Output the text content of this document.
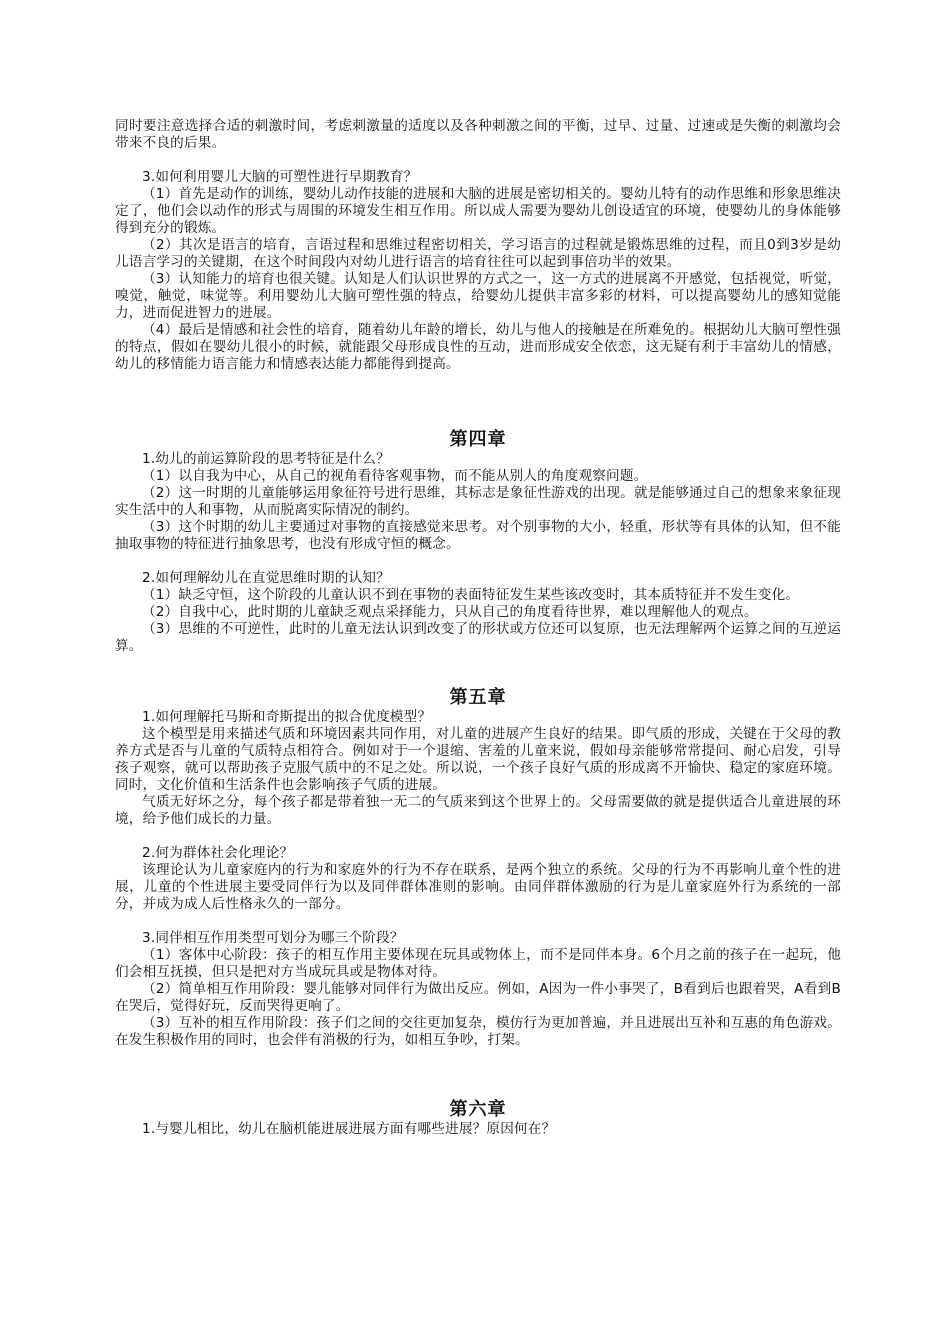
同时要注意选择合适的刺激时间，考虑刺激量的适度以及各种刺激之间的平衡，过早、过量、过速或是失衡的刺激均会带来不良的后果。

3.如何利用婴儿大脑的可塑性进行早期教育？

（1）首先是动作的训练，婴幼儿动作技能的进展和大脑的进展是密切相关的。婴幼儿特有的动作思维和形象思维决定了，他们会以动作的形式与周围的环境发生相互作用。所以成人需要为婴幼儿创设适宜的环境，使婴幼儿的身体能够得到充分的锻炼。

（2）其次是语言的培育，言语过程和思维过程密切相关，学习语言的过程就是锻炼思维的过程，而且0到3岁是幼儿语言学习的关键期，在这个时间段内对幼儿进行语言的培育往往可以起到事倍功半的效果。

（3）认知能力的培育也很关键。认知是人们认识世界的方式之一，这一方式的进展离不开感觉，包括视觉，听觉，嗅觉，触觉，味觉等。利用婴幼儿大脑可塑性强的特点，给婴幼儿提供丰富多彩的材料，可以提高婴幼儿的感知觉能力，进而促进智力的进展。

（4）最后是情感和社会性的培育，随着幼儿年龄的增长，幼儿与他人的接触是在所难免的。根据幼儿大脑可塑性强的特点，假如在婴幼儿很小的时候，就能跟父母形成良性的互动，进而形成安全依恋，这无疑有利于丰富幼儿的情感，幼儿的移情能力语言能力和情感表达能力都能得到提高。

第四章

1.幼儿的前运算阶段的思考特征是什么？

（1）以自我为中心，从自己的视角看待客观事物，而不能从别人的角度观察问题。

（2）这一时期的儿童能够运用象征符号进行思维，其标志是象征性游戏的出现。就是能够通过自己的想象来象征现实生活中的人和事物，从而脱离实际情况的制约。

（3）这个时期的幼儿主要通过对事物的直接感觉来思考。对个别事物的大小，轻重，形状等有具体的认知，但不能抽取事物的特征进行抽象思考，也没有形成守恒的概念。

2.如何理解幼儿在直觉思维时期的认知？

（1）缺乏守恒，这个阶段的儿童认识不到在事物的表面特征发生某些该改变时，其本质特征并不发生变化。

（2）自我中心，此时期的儿童缺乏观点采择能力，只从自己的角度看待世界，难以理解他人的观点。

（3）思维的不可逆性，此时的儿童无法认识到改变了的形状或方位还可以复原，也无法理解两个运算之间的互逆运算。

第五章

1.如何理解托马斯和奇斯提出的拟合优度模型？

这个模型是用来描述气质和环境因素共同作用，对儿童的进展产生良好的结果。即气质的形成，关键在于父母的教养方式是否与儿童的气质特点相符合。例如对于一个退缩、害羞的儿童来说，假如母亲能够常常提问、耐心启发，引导孩子观察，就可以帮助孩子克服气质中的不足之处。所以说，一个孩子良好气质的形成离不开愉快、稳定的家庭环境。同时，文化价值和生活条件也会影响孩子气质的进展。

气质无好坏之分，每个孩子都是带着独一无二的气质来到这个世界上的。父母需要做的就是提供适合儿童进展的环境，给予他们成长的力量。

2.何为群体社会化理论？

该理论认为儿童家庭内的行为和家庭外的行为不存在联系，是两个独立的系统。父母的行为不再影响儿童个性的进展，儿童的个性进展主要受同伴行为以及同伴群体准则的影响。由同伴群体激励的行为是儿童家庭外行为系统的一部分，并成为成人后性格永久的一部分。

3.同伴相互作用类型可划分为哪三个阶段？

（1）客体中心阶段：孩子的相互作用主要体现在玩具或物体上，而不是同伴本身。6个月之前的孩子在一起玩，他们会相互抚摸，但只是把对方当成玩具或是物体对待。

（2）简单相互作用阶段：婴儿能够对同伴行为做出反应。例如，A因为一件小事哭了，B看到后也跟着哭，A看到B在哭后，觉得好玩，反而哭得更响了。

（3）互补的相互作用阶段：孩子们之间的交往更加复杂，模仿行为更加普遍，并且进展出互补和互惠的角色游戏。在发生积极作用的同时，也会伴有消极的行为，如相互争吵，打架。

第六章

1.与婴儿相比，幼儿在脑机能进展进展方面有哪些进展？原因何在？
